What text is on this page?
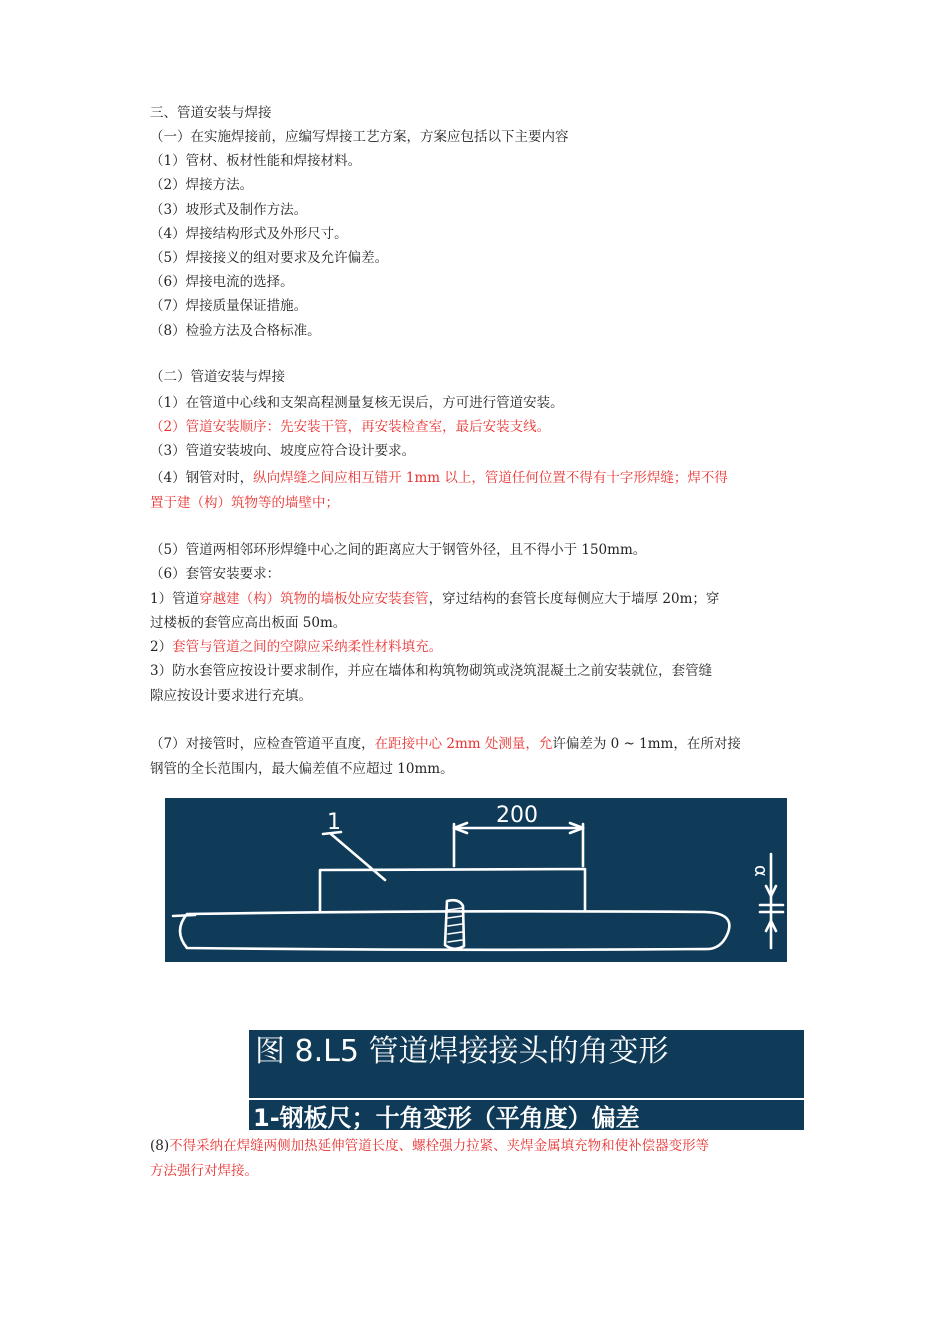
三、管道安装与焊接
（一）在实施焊接前，应编写焊接工艺方案，方案应包括以下主要内容
（1）管材、板材性能和焊接材料。
（2）焊接方法。
（3）坡形式及制作方法。
（4）焊接结构形式及外形尺寸。
（5）焊接接义的组对要求及允许偏差。
（6）焊接电流的选择。
（7）焊接质量保证措施。
（8）检验方法及合格标准。
（二）管道安装与焊接
（1）在管道中心线和支架高程测量复核无误后，方可进行管道安装。
（2）管道安装顺序：先安装干管，再安装检查室，最后安装支线。
（3）管道安装坡向、坡度应符合设计要求。
（4）钢管对时，纵向焊缝之间应相互错开 1mm 以上，管道任何位置不得有十字形焊缝；焊不得
置于建（构）筑物等的墙壁中；
（5）管道两相邻环形焊缝中心之间的距离应大于钢管外径，且不得小于 150mm。
（6）套管安装要求：
1）管道穿越建（构）筑物的墙板处应安装套管，穿过结构的套管长度每侧应大于墙厚 20m；穿
过楼板的套管应高出板面 50m。
2）套管与管道之间的空隙应采纳柔性材料填充。
3）防水套管应按设计要求制作，并应在墙体和构筑物砌筑或浇筑混凝土之前安装就位，套管缝
隙应按设计要求进行充填。
（7）对接管时，应检查管道平直度，在距接中心 2mm 处测量，允许偏差为 0 ~ 1mm，在所对接
钢管的全长范围内，最大偏差值不应超过 10mm。
1	200
α
图 8.L5 管道焊接接头的角变形
1-钢板尺；十角变形（平角度）偏差
(8)不得采纳在焊缝两侧加热延伸管道长度、螺栓强力拉紧、夹焊金属填充物和使补偿器变形等
方法强行对焊接。
